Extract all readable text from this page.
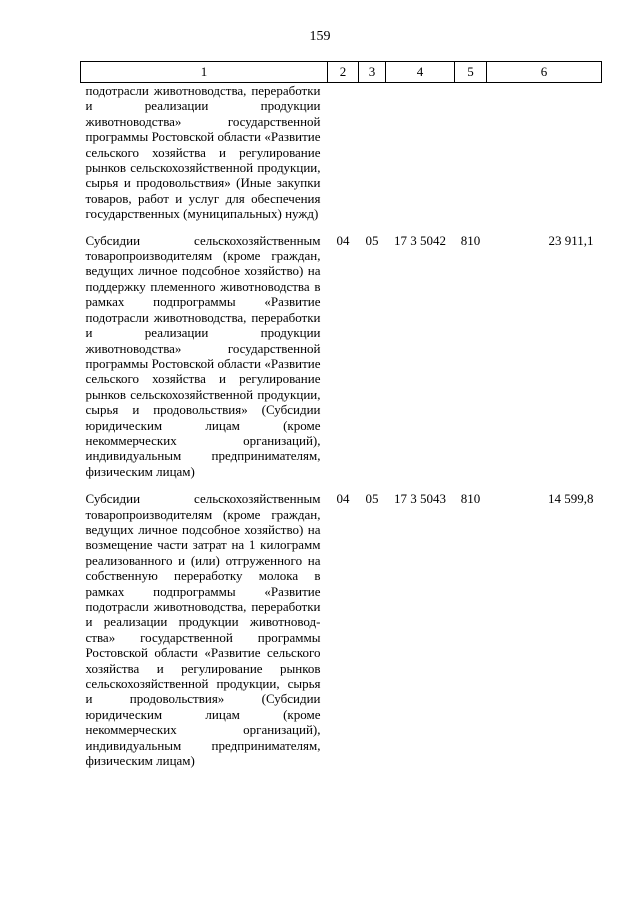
159
1	2	3	4	5	6
подотрасли животноводства, переработки и реализации продукции животноводства» государственной программы Ростовской области «Развитие сельского хозяйства и регулирование рынков сельскохозяйственной продукции, сырья и продовольствия» (Иные закупки товаров, работ и услуг для обеспечения государственных (муниципальных) нужд)					
Субсидии сельскохозяйственным товаропроизводителям (кроме граждан, ведущих личное подсобное хозяйство) на поддержку племенного животноводства в рамках подпрограммы «Развитие подотрасли животноводства, переработки и реализации продукции животноводства» государственной программы Ростовской области «Развитие сельского хозяйства и регулирование рынков сельскохозяйственной продукции, сырья и продовольствия» (Субсидии юридическим лицам (кроме некоммерческих организаций), индивидуальным предпринимателям, физическим лицам)	04	05	17 3 5042	810	23 911,1
Субсидии сельскохозяйственным товаропроизводителям (кроме граждан, ведущих личное подсобное хозяйство) на возмещение части затрат на 1 килограмм реализованного и (или) отгруженного на собственную переработку молока в рамках подпрограммы «Развитие подотрасли животноводства, переработки и реализации продукции животноводства» государственной программы Ростовской области «Развитие сельского хозяйства и регулирование рынков сельскохозяйственной продукции, сырья и продовольствия» (Субсидии юридическим лицам (кроме некоммерческих организаций), индивидуальным предпринимателям, физическим лицам)	04	05	17 3 5043	810	14 599,8
